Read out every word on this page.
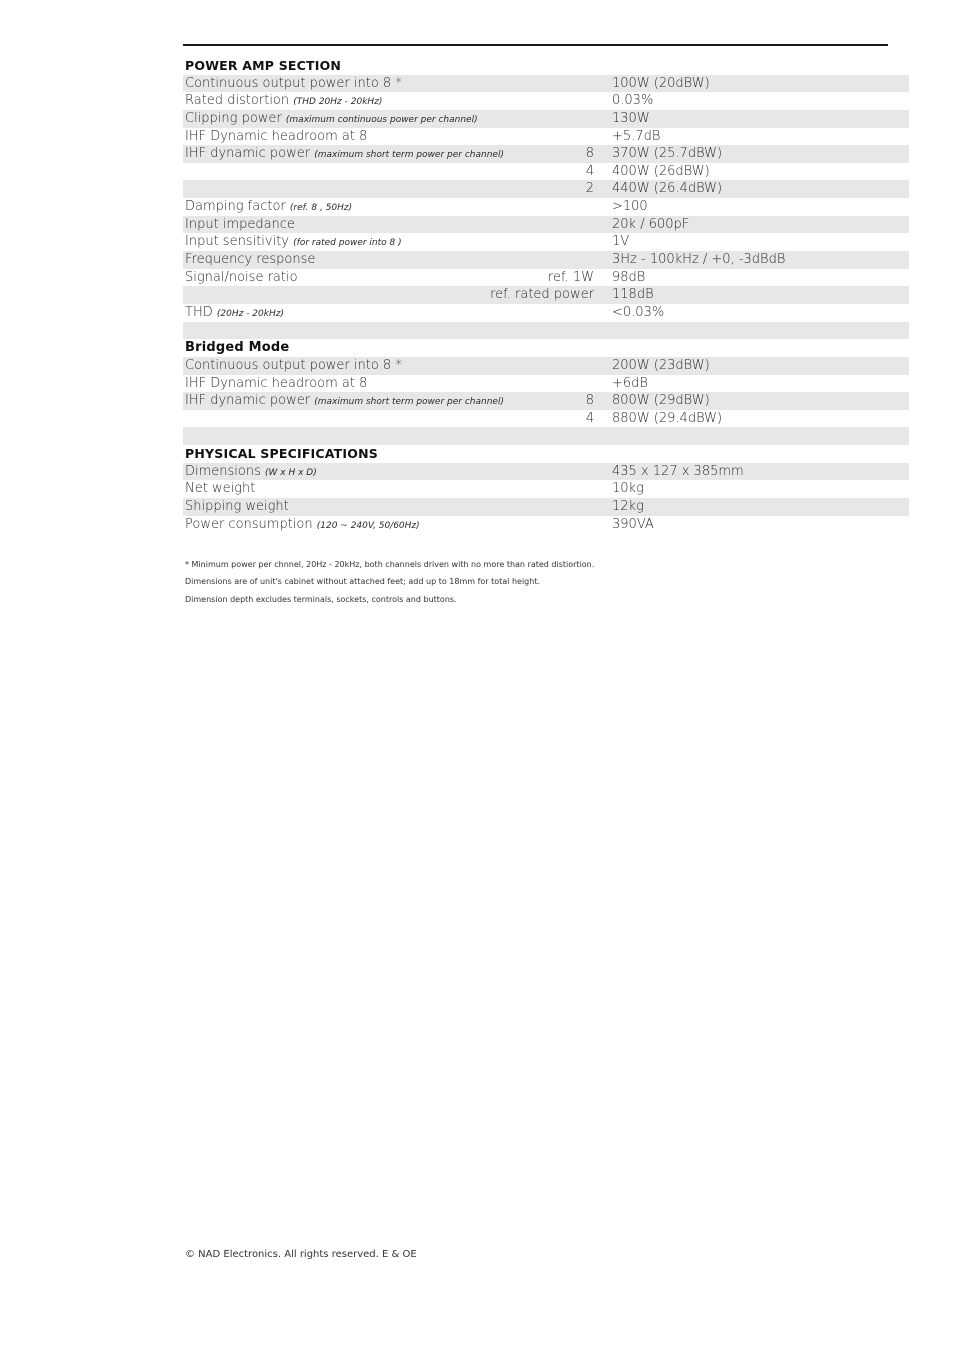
POWER AMP SECTION
Continuous output power into 8 *	100W (20dBW)
Rated distortion (THD 20Hz - 20kHz)	0.03%
Clipping power (maximum continuous power per channel)	130W
IHF Dynamic headroom at 8	+5.7dB
IHF dynamic power (maximum short term power per channel)	8 370W (25.7dBW)
4 400W (26dBW)
2 440W (26.4dBW)
Damping factor (ref. 8 , 50Hz)	>100
Input impedance	20k / 600pF
Input sensitivity (for rated power into 8 )	1V
Frequency response	3Hz - 100kHz / +0, -3dBdB
Signal/noise ratio	ref. 1W 98dB
ref. rated power 118dB
THD (20Hz - 20kHz)	<0.03%
Bridged Mode
Continuous output power into 8 *	200W (23dBW)
IHF Dynamic headroom at 8	+6dB
IHF dynamic power (maximum short term power per channel)	8 800W (29dBW)
4 880W (29.4dBW)
PHYSICAL SPECIFICATIONS
Dimensions (W x H x D)	435 x 127 x 385mm
Net weight	10kg
Shipping weight	12kg
Power consumption (120 ~ 240V, 50/60Hz)	390VA
* Minimum power per chnnel, 20Hz - 20kHz, both channels driven with no more than rated distiortion.
Dimensions are of unit's cabinet without attached feet; add up to 18mm for total height.
Dimension depth excludes terminals, sockets, controls and buttons.
© NAD Electronics. All rights reserved. E & OE
